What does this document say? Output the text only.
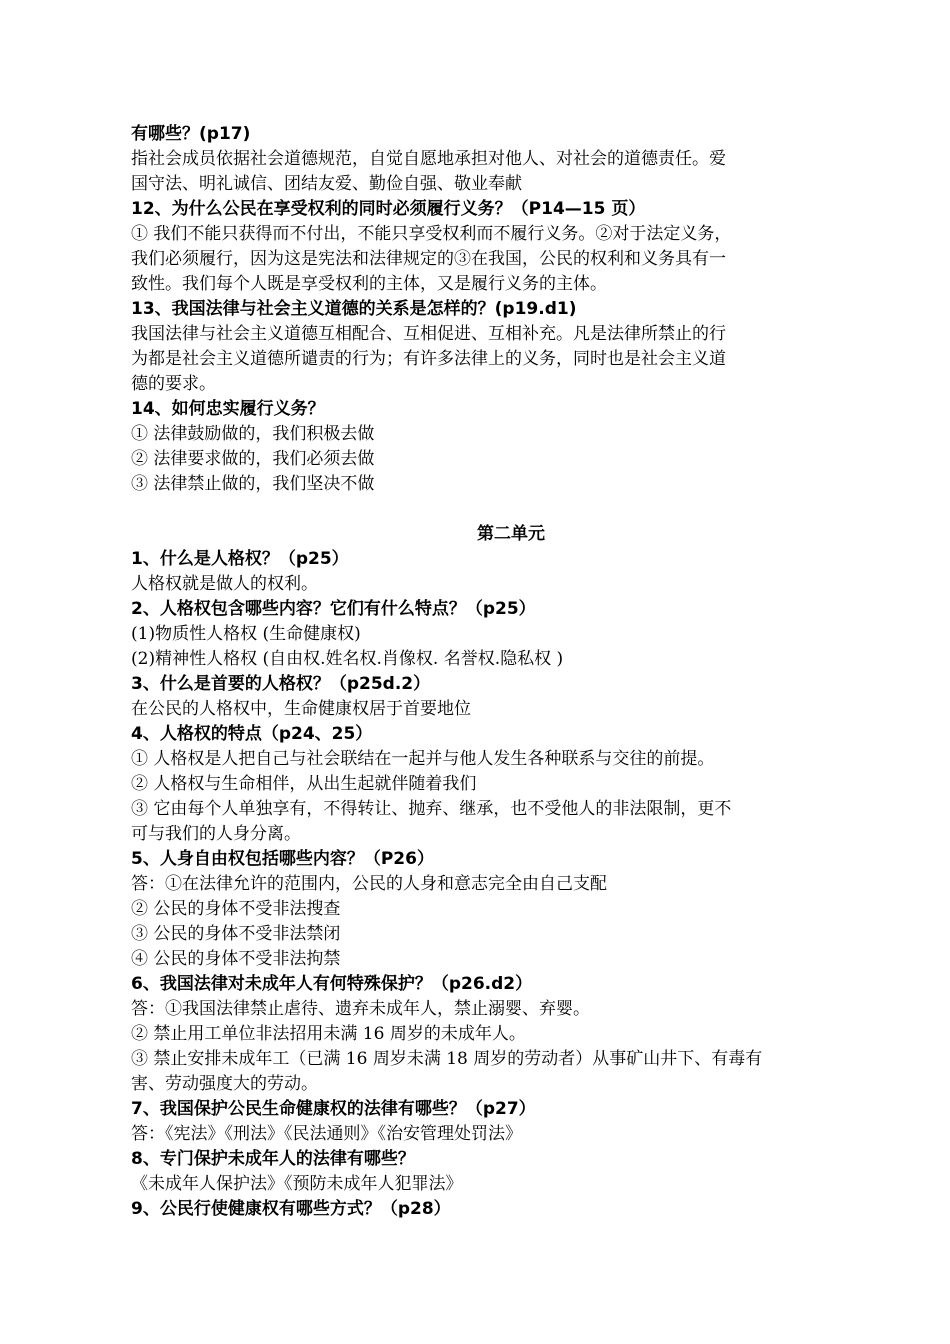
有哪些？(p17)
指社会成员依据社会道德规范，自觉自愿地承担对他人、对社会的道德责任。爱
国守法、明礼诚信、团结友爱、勤俭自强、敬业奉献
12、为什么公民在享受权利的同时必须履行义务？（P14—15 页）
① 我们不能只获得而不付出，不能只享受权利而不履行义务。②对于法定义务，
我们必须履行，因为这是宪法和法律规定的③在我国，公民的权利和义务具有一
致性。我们每个人既是享受权利的主体，又是履行义务的主体。
13、我国法律与社会主义道德的关系是怎样的？(p19.d1)
我国法律与社会主义道德互相配合、互相促进、互相补充。凡是法律所禁止的行
为都是社会主义道德所谴责的行为；有许多法律上的义务，同时也是社会主义道
德的要求。
14、如何忠实履行义务？
① 法律鼓励做的，我们积极去做
② 法律要求做的，我们必须去做
③ 法律禁止做的，我们坚决不做
第二单元
1、什么是人格权？（p25）
人格权就是做人的权利。
2、人格权包含哪些内容？它们有什么特点？（p25）
(1)物质性人格权 (生命健康权)
(2)精神性人格权 (自由权.姓名权.肖像权. 名誉权.隐私权 )
3、什么是首要的人格权？（p25d.2）
在公民的人格权中，生命健康权居于首要地位
4、人格权的特点（p24、25）
① 人格权是人把自己与社会联结在一起并与他人发生各种联系与交往的前提。
② 人格权与生命相伴，从出生起就伴随着我们
③ 它由每个人单独享有，不得转让、抛弃、继承，也不受他人的非法限制，更不
可与我们的人身分离。
5、人身自由权包括哪些内容？（P26）
答：①在法律允许的范围内，公民的人身和意志完全由自己支配
② 公民的身体不受非法搜查
③ 公民的身体不受非法禁闭
④ 公民的身体不受非法拘禁
6、我国法律对未成年人有何特殊保护？（p26.d2）
答：①我国法律禁止虐待、遗弃未成年人，禁止溺婴、弃婴。
② 禁止用工单位非法招用未满 16 周岁的未成年人。
③ 禁止安排未成年工（已满 16 周岁未满 18 周岁的劳动者）从事矿山井下、有毒有
害、劳动强度大的劳动。
7、我国保护公民生命健康权的法律有哪些？（p27）
答：《宪法》《刑法》《民法通则》《治安管理处罚法》
8、专门保护未成年人的法律有哪些？
《未成年人保护法》《预防未成年人犯罪法》
9、公民行使健康权有哪些方式？（p28）
